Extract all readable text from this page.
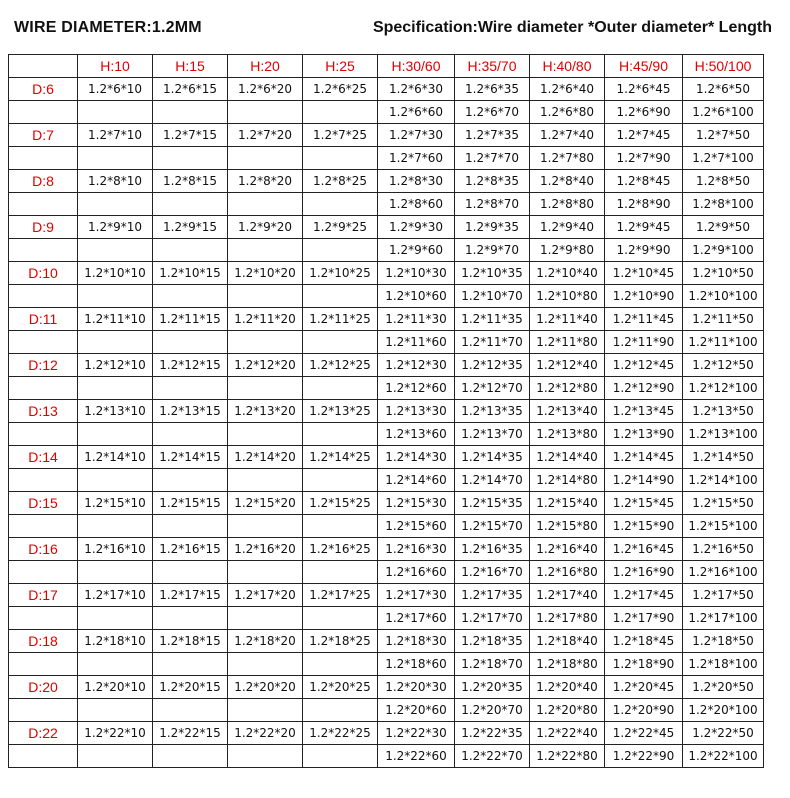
WIRE DIAMETER:1.2MM	Specification:Wire diameter *Outer diameter* Length
	H:10	H:15	H:20	H:25	H:30/60	H:35/70	H:40/80	H:45/90	H:50/100
D:6	1.2*6*10	1.2*6*15	1.2*6*20	1.2*6*25	1.2*6*30	1.2*6*35	1.2*6*40	1.2*6*45	1.2*6*50
					1.2*6*60	1.2*6*70	1.2*6*80	1.2*6*90	1.2*6*100
D:7	1.2*7*10	1.2*7*15	1.2*7*20	1.2*7*25	1.2*7*30	1.2*7*35	1.2*7*40	1.2*7*45	1.2*7*50
					1.2*7*60	1.2*7*70	1.2*7*80	1.2*7*90	1.2*7*100
D:8	1.2*8*10	1.2*8*15	1.2*8*20	1.2*8*25	1.2*8*30	1.2*8*35	1.2*8*40	1.2*8*45	1.2*8*50
					1.2*8*60	1.2*8*70	1.2*8*80	1.2*8*90	1.2*8*100
D:9	1.2*9*10	1.2*9*15	1.2*9*20	1.2*9*25	1.2*9*30	1.2*9*35	1.2*9*40	1.2*9*45	1.2*9*50
					1.2*9*60	1.2*9*70	1.2*9*80	1.2*9*90	1.2*9*100
D:10	1.2*10*10	1.2*10*15	1.2*10*20	1.2*10*25	1.2*10*30	1.2*10*35	1.2*10*40	1.2*10*45	1.2*10*50
					1.2*10*60	1.2*10*70	1.2*10*80	1.2*10*90	1.2*10*100
D:11	1.2*11*10	1.2*11*15	1.2*11*20	1.2*11*25	1.2*11*30	1.2*11*35	1.2*11*40	1.2*11*45	1.2*11*50
					1.2*11*60	1.2*11*70	1.2*11*80	1.2*11*90	1.2*11*100
D:12	1.2*12*10	1.2*12*15	1.2*12*20	1.2*12*25	1.2*12*30	1.2*12*35	1.2*12*40	1.2*12*45	1.2*12*50
					1.2*12*60	1.2*12*70	1.2*12*80	1.2*12*90	1.2*12*100
D:13	1.2*13*10	1.2*13*15	1.2*13*20	1.2*13*25	1.2*13*30	1.2*13*35	1.2*13*40	1.2*13*45	1.2*13*50
					1.2*13*60	1.2*13*70	1.2*13*80	1.2*13*90	1.2*13*100
D:14	1.2*14*10	1.2*14*15	1.2*14*20	1.2*14*25	1.2*14*30	1.2*14*35	1.2*14*40	1.2*14*45	1.2*14*50
					1.2*14*60	1.2*14*70	1.2*14*80	1.2*14*90	1.2*14*100
D:15	1.2*15*10	1.2*15*15	1.2*15*20	1.2*15*25	1.2*15*30	1.2*15*35	1.2*15*40	1.2*15*45	1.2*15*50
					1.2*15*60	1.2*15*70	1.2*15*80	1.2*15*90	1.2*15*100
D:16	1.2*16*10	1.2*16*15	1.2*16*20	1.2*16*25	1.2*16*30	1.2*16*35	1.2*16*40	1.2*16*45	1.2*16*50
					1.2*16*60	1.2*16*70	1.2*16*80	1.2*16*90	1.2*16*100
D:17	1.2*17*10	1.2*17*15	1.2*17*20	1.2*17*25	1.2*17*30	1.2*17*35	1.2*17*40	1.2*17*45	1.2*17*50
					1.2*17*60	1.2*17*70	1.2*17*80	1.2*17*90	1.2*17*100
D:18	1.2*18*10	1.2*18*15	1.2*18*20	1.2*18*25	1.2*18*30	1.2*18*35	1.2*18*40	1.2*18*45	1.2*18*50
					1.2*18*60	1.2*18*70	1.2*18*80	1.2*18*90	1.2*18*100
D:20	1.2*20*10	1.2*20*15	1.2*20*20	1.2*20*25	1.2*20*30	1.2*20*35	1.2*20*40	1.2*20*45	1.2*20*50
					1.2*20*60	1.2*20*70	1.2*20*80	1.2*20*90	1.2*20*100
D:22	1.2*22*10	1.2*22*15	1.2*22*20	1.2*22*25	1.2*22*30	1.2*22*35	1.2*22*40	1.2*22*45	1.2*22*50
					1.2*22*60	1.2*22*70	1.2*22*80	1.2*22*90	1.2*22*100
